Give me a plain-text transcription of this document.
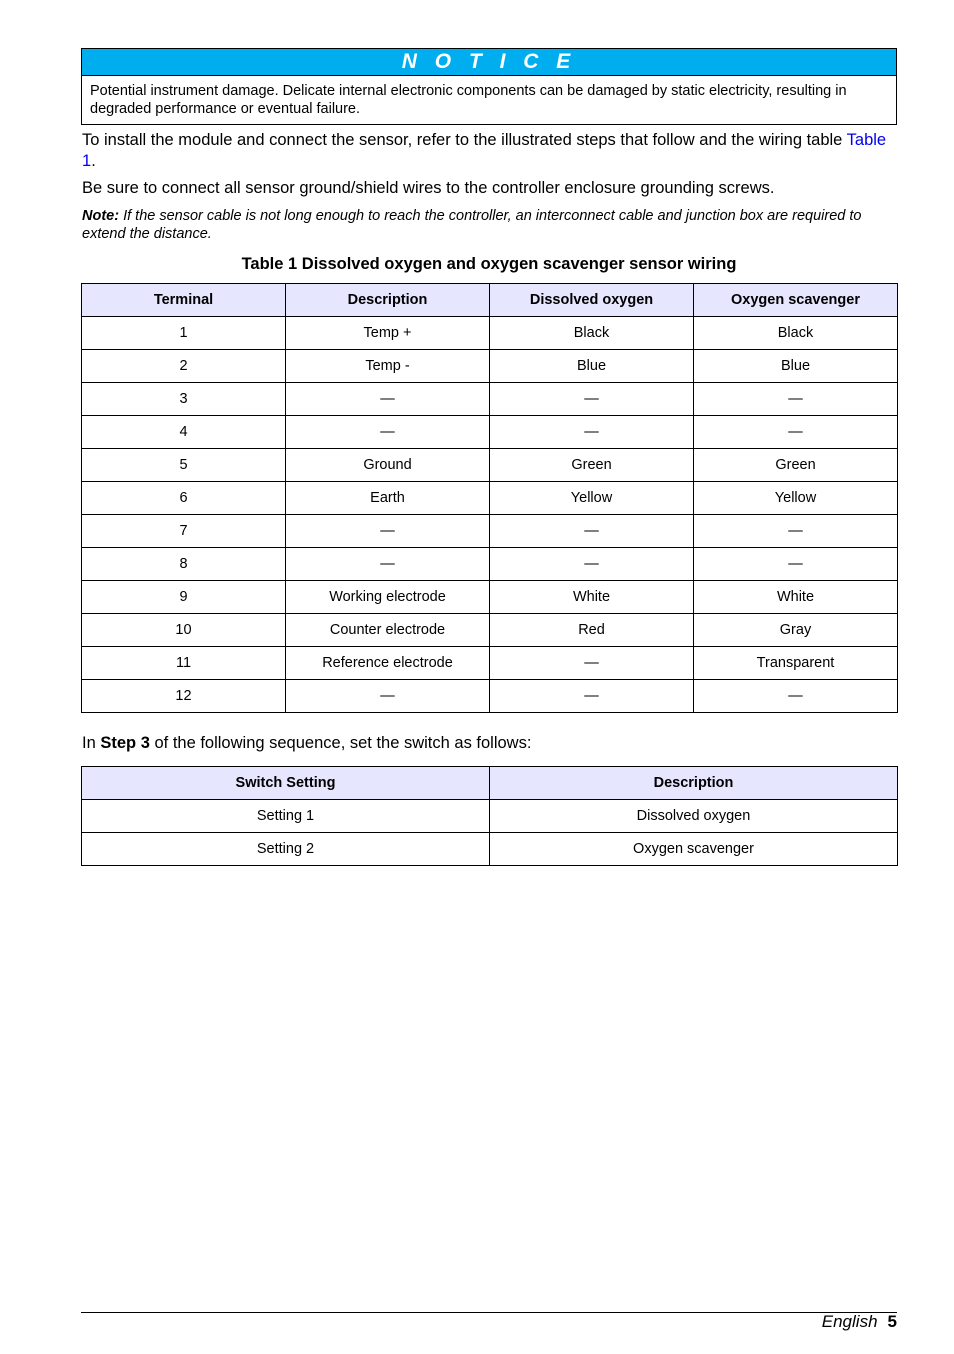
N O T I C E
Potential instrument damage. Delicate internal electronic components can be damaged by static electricity, resulting in degraded performance or eventual failure.
To install the module and connect the sensor, refer to the illustrated steps that follow and the wiring table Table 1.
Be sure to connect all sensor ground/shield wires to the controller enclosure grounding screws.
Note: If the sensor cable is not long enough to reach the controller, an interconnect cable and junction box are required to extend the distance.
Table 1 Dissolved oxygen and oxygen scavenger sensor wiring
Terminal	Description	Dissolved oxygen	Oxygen scavenger
1	Temp +	Black	Black
2	Temp -	Blue	Blue
3	—	—	—
4	—	—	—
5	Ground	Green	Green
6	Earth	Yellow	Yellow
7	—	—	—
8	—	—	—
9	Working electrode	White	White
10	Counter electrode	Red	Gray
11	Reference electrode	—	Transparent
12	—	—	—
In Step 3 of the following sequence, set the switch as follows:
Switch Setting	Description
Setting 1	Dissolved oxygen
Setting 2	Oxygen scavenger
English 5
